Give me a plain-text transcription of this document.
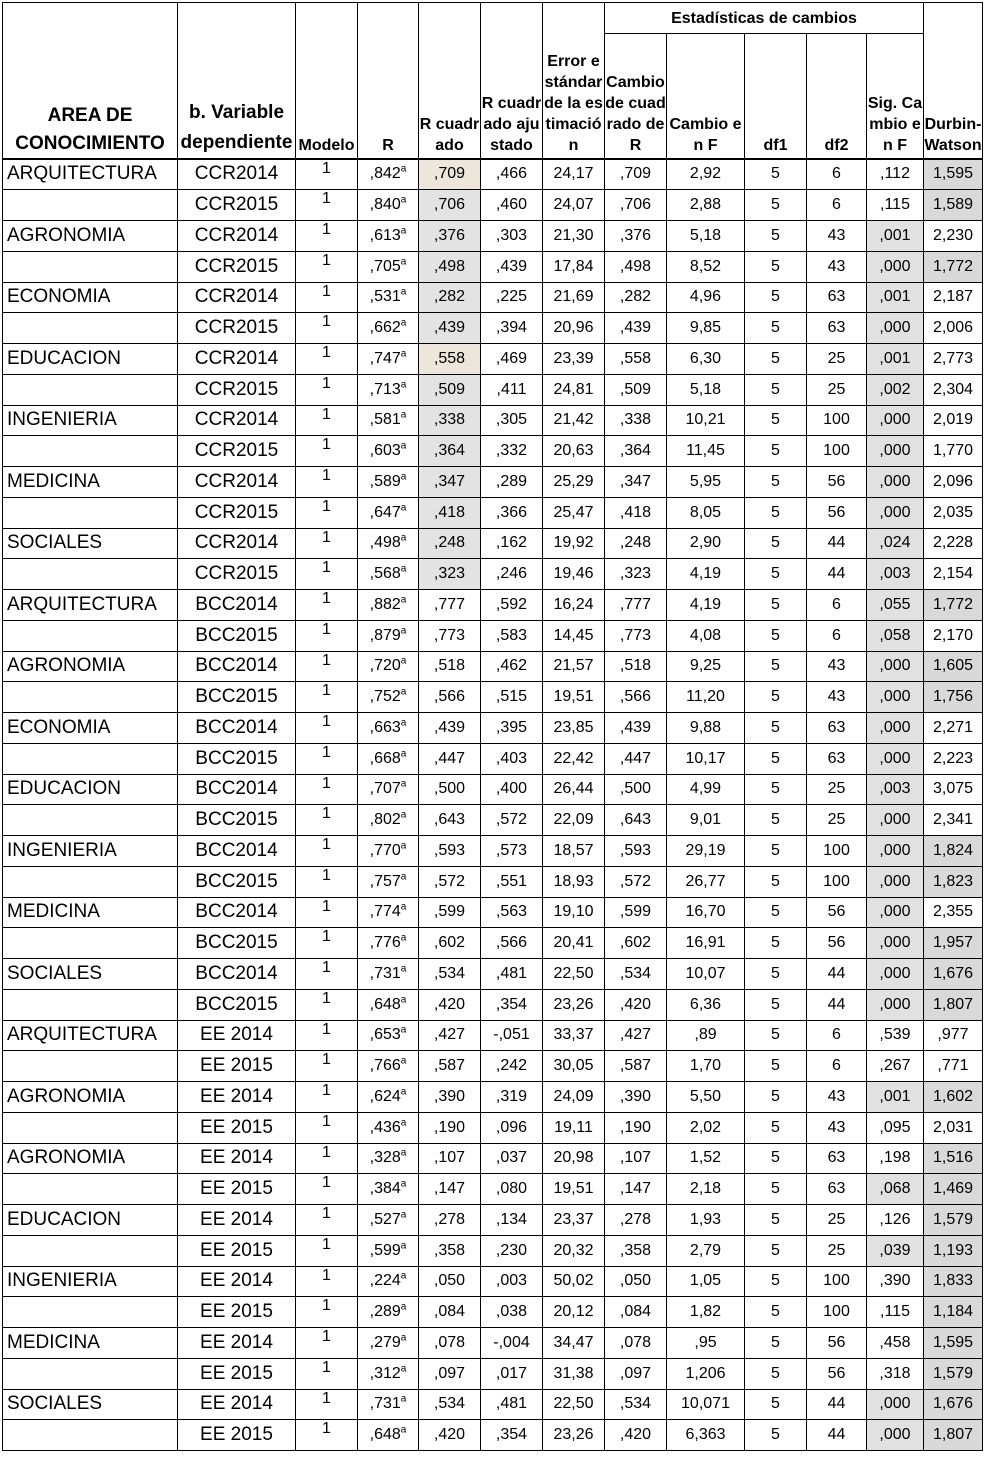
AREA DE CONOCIMIENTO	b. Variable dependiente	Modelo	R	R cuadrado	R cuadrado ajustado	Error estándar de la estimación	Estadísticas de cambios					Durbin-Watson
							Cambio de cuadrado de R	Cambio en F	df1	df2	Sig. Cambio en F	
ARQUITECTURA	CCR2014	1	,842$^a$	,709	,466	24,17	,709	2,92	5	6	,112	1,595
	CCR2015	1	,840$^a$	,706	,460	24,07	,706	2,88	5	6	,115	1,589
AGRONOMIA	CCR2014	1	,613$^a$	,376	,303	21,30	,376	5,18	5	43	,001	2,230
	CCR2015	1	,705$^a$	,498	,439	17,84	,498	8,52	5	43	,000	1,772
ECONOMIA	CCR2014	1	,531$^a$	,282	,225	21,69	,282	4,96	5	63	,001	2,187
	CCR2015	1	,662$^a$	,439	,394	20,96	,439	9,85	5	63	,000	2,006
EDUCACION	CCR2014	1	,747$^a$	,558	,469	23,39	,558	6,30	5	25	,001	2,773
	CCR2015	1	,713$^a$	,509	,411	24,81	,509	5,18	5	25	,002	2,304
INGENIERIA	CCR2014	1	,581$^a$	,338	,305	21,42	,338	10,21	5	100	,000	2,019
	CCR2015	1	,603$^a$	,364	,332	20,63	,364	11,45	5	100	,000	1,770
MEDICINA	CCR2014	1	,589$^a$	,347	,289	25,29	,347	5,95	5	56	,000	2,096
	CCR2015	1	,647$^a$	,418	,366	25,47	,418	8,05	5	56	,000	2,035
SOCIALES	CCR2014	1	,498$^a$	,248	,162	19,92	,248	2,90	5	44	,024	2,228
	CCR2015	1	,568$^a$	,323	,246	19,46	,323	4,19	5	44	,003	2,154
ARQUITECTURA	BCC2014	1	,882$^a$	,777	,592	16,24	,777	4,19	5	6	,055	1,772
	BCC2015	1	,879$^a$	,773	,583	14,45	,773	4,08	5	6	,058	2,170
AGRONOMIA	BCC2014	1	,720$^a$	,518	,462	21,57	,518	9,25	5	43	,000	1,605
	BCC2015	1	,752$^a$	,566	,515	19,51	,566	11,20	5	43	,000	1,756
ECONOMIA	BCC2014	1	,663$^a$	,439	,395	23,85	,439	9,88	5	63	,000	2,271
	BCC2015	1	,668$^a$	,447	,403	22,42	,447	10,17	5	63	,000	2,223
EDUCACION	BCC2014	1	,707$^a$	,500	,400	26,44	,500	4,99	5	25	,003	3,075
	BCC2015	1	,802$^a$	,643	,572	22,09	,643	9,01	5	25	,000	2,341
INGENIERIA	BCC2014	1	,770$^a$	,593	,573	18,57	,593	29,19	5	100	,000	1,824
	BCC2015	1	,757$^a$	,572	,551	18,93	,572	26,77	5	100	,000	1,823
MEDICINA	BCC2014	1	,774$^a$	,599	,563	19,10	,599	16,70	5	56	,000	2,355
	BCC2015	1	,776$^a$	,602	,566	20,41	,602	16,91	5	56	,000	1,957
SOCIALES	BCC2014	1	,731$^a$	,534	,481	22,50	,534	10,07	5	44	,000	1,676
	BCC2015	1	,648$^a$	,420	,354	23,26	,420	6,36	5	44	,000	1,807
ARQUITECTURA	EE 2014	1	,653$^a$	,427	-,051	33,37	,427	,89	5	6	,539	,977
	EE 2015	1	,766$^a$	,587	,242	30,05	,587	1,70	5	6	,267	,771
AGRONOMIA	EE 2014	1	,624$^a$	,390	,319	24,09	,390	5,50	5	43	,001	1,602
	EE 2015	1	,436$^a$	,190	,096	19,11	,190	2,02	5	43	,095	2,031
AGRONOMIA	EE 2014	1	,328$^a$	,107	,037	20,98	,107	1,52	5	63	,198	1,516
	EE 2015	1	,384$^a$	,147	,080	19,51	,147	2,18	5	63	,068	1,469
EDUCACION	EE 2014	1	,527$^a$	,278	,134	23,37	,278	1,93	5	25	,126	1,579
	EE 2015	1	,599$^a$	,358	,230	20,32	,358	2,79	5	25	,039	1,193
INGENIERIA	EE 2014	1	,224$^a$	,050	,003	50,02	,050	1,05	5	100	,390	1,833
	EE 2015	1	,289$^a$	,084	,038	20,12	,084	1,82	5	100	,115	1,184
MEDICINA	EE 2014	1	,279$^a$	,078	-,004	34,47	,078	,95	5	56	,458	1,595
	EE 2015	1	,312$^a$	,097	,017	31,38	,097	1,206	5	56	,318	1,579
SOCIALES	EE 2014	1	,731$^a$	,534	,481	22,50	,534	10,071	5	44	,000	1,676
	EE 2015	1	,648$^a$	,420	,354	23,26	,420	6,363	5	44	,000	1,807
